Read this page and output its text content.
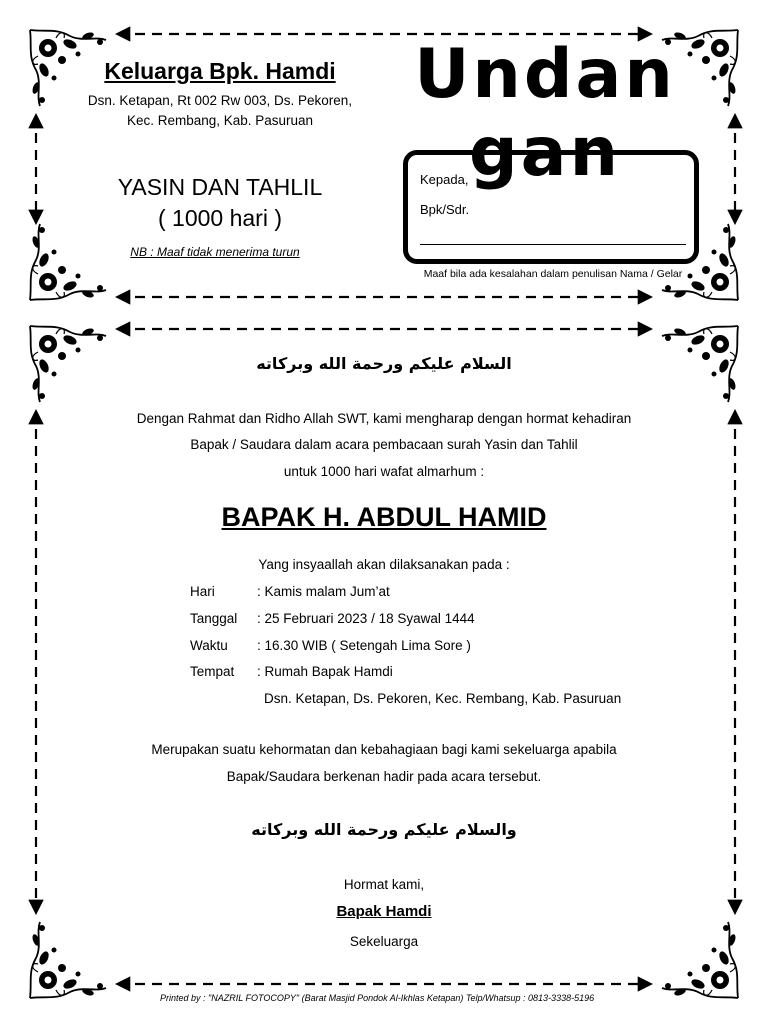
Keluarga Bpk. Hamdi
Dsn. Ketapan, Rt 002 Rw 003, Ds. Pekoren,
Kec. Rembang, Kab. Pasuruan
YASIN DAN TAHLIL
( 1000 hari )
NB : Maaf tidak menerima turun
Kepada,
Bpk/Sdr.
Maaf bila ada kesalahan dalam penulisan Nama / Gelar
Undangan
السلام عليكم ورحمة الله وبركاته
Dengan Rahmat dan Ridho Allah SWT, kami mengharap dengan hormat kehadiran
Bapak / Saudara dalam acara pembacaan surah Yasin dan Tahlil
untuk 1000 hari wafat almarhum :
BAPAK H. ABDUL HAMID
Yang insyaallah akan dilaksanakan pada :
Hari	: Kamis malam Jum’at
Tanggal : 25 Februari 2023 / 18 Syawal 1444
Waktu : 16.30 WIB ( Setengah Lima Sore )
Tempat : Rumah Bapak Hamdi
Dsn. Ketapan, Ds. Pekoren, Kec. Rembang, Kab. Pasuruan
Merupakan suatu kehormatan dan kebahagiaan bagi kami sekeluarga apabila
Bapak/Saudara berkenan hadir pada acara tersebut.
والسلام عليكم ورحمة الله وبركاته
Hormat kami,
Bapak Hamdi
Sekeluarga
Printed by : "NAZRIL FOTOCOPY" (Barat Masjid Pondok Al-Ikhlas Ketapan) Telp/Whatsup : 0813-3338-5196
